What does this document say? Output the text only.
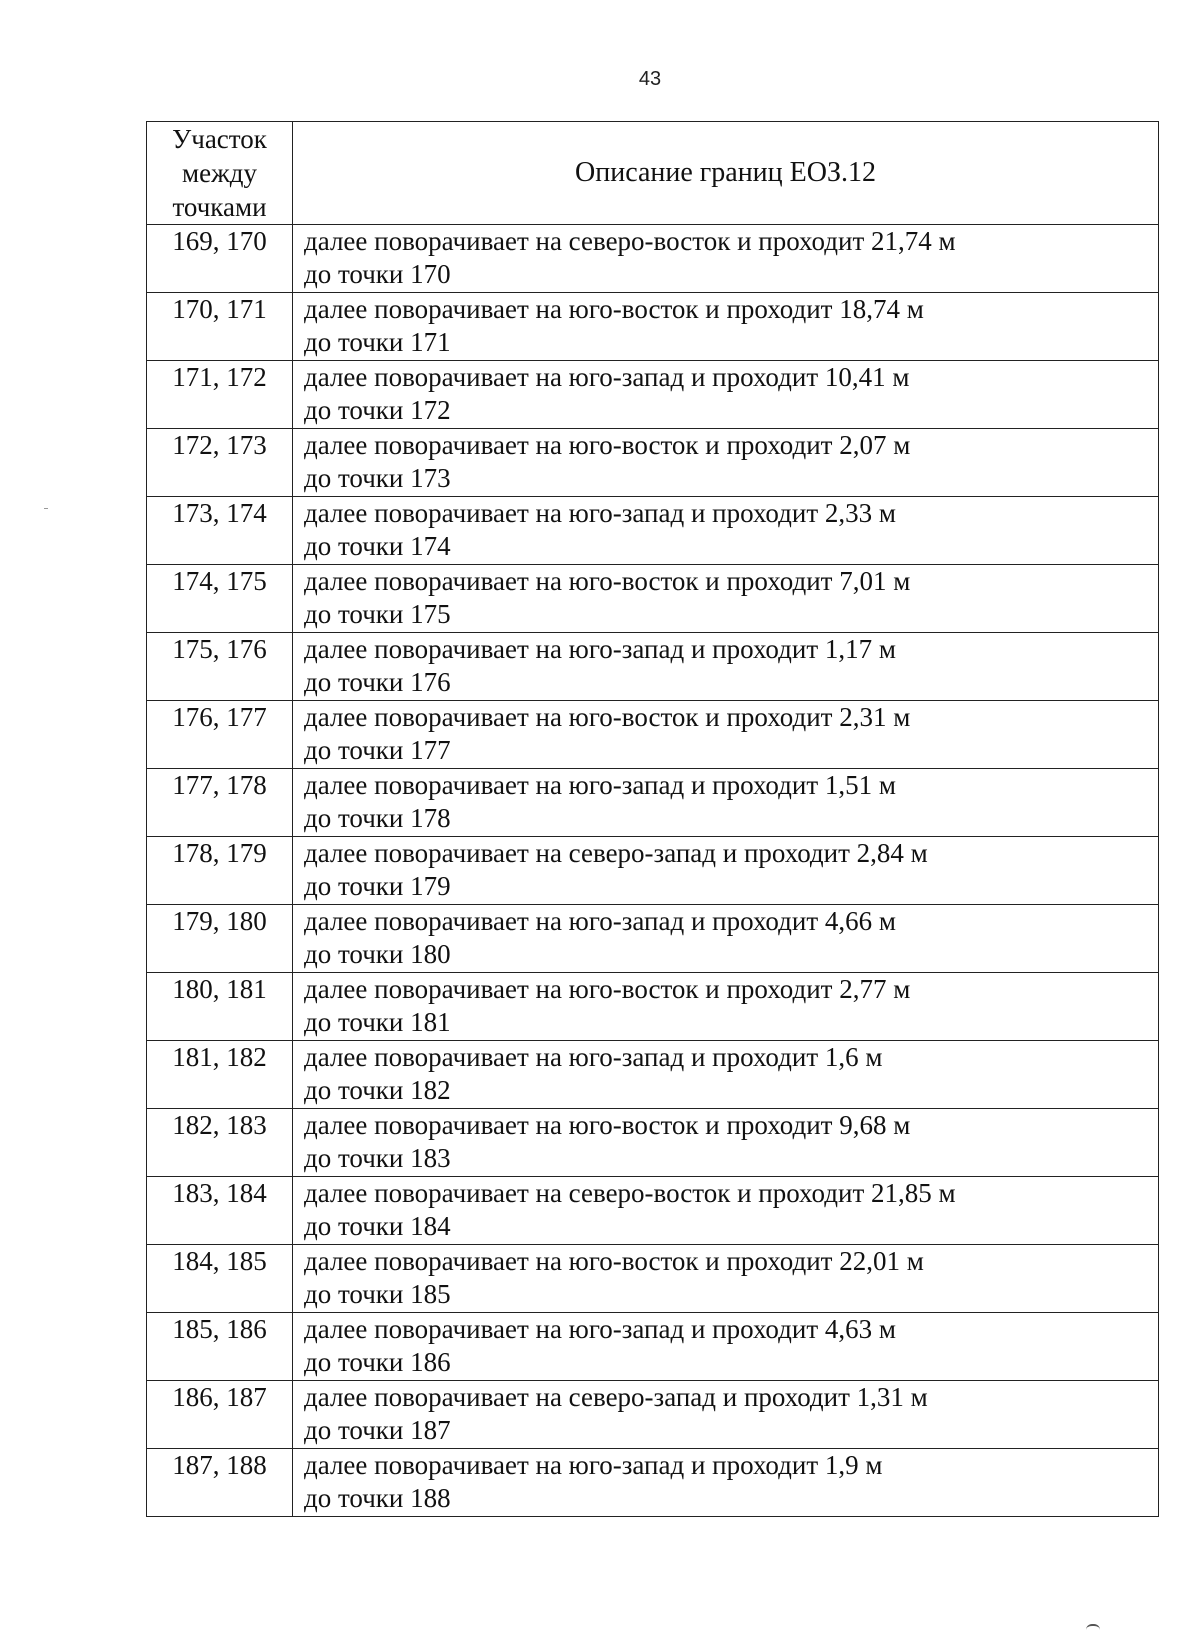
43
Участок
между
точками	Описание границ ЕОЗ.12
169, 170	далее поворачивает на северо-восток и проходит 21,74 м
до точки 170

170, 171	далее поворачивает на юго-восток и проходит 18,74 м
до точки 171

171, 172	далее поворачивает на юго-запад и проходит 10,41 м
до точки 172

172, 173	далее поворачивает на юго-восток и проходит 2,07 м
до точки 173

173, 174	далее поворачивает на юго-запад и проходит 2,33 м
до точки 174

174, 175	далее поворачивает на юго-восток и проходит 7,01 м
до точки 175

175, 176	далее поворачивает на юго-запад и проходит 1,17 м
до точки 176

176, 177	далее поворачивает на юго-восток и проходит 2,31 м
до точки 177

177, 178	далее поворачивает на юго-запад и проходит 1,51 м
до точки 178

178, 179	далее поворачивает на северо-запад и проходит 2,84 м
до точки 179

179, 180	далее поворачивает на юго-запад и проходит 4,66 м
до точки 180

180, 181	далее поворачивает на юго-восток и проходит 2,77 м
до точки 181

181, 182	далее поворачивает на юго-запад и проходит 1,6 м
до точки 182

182, 183	далее поворачивает на юго-восток и проходит 9,68 м
до точки 183

183, 184	далее поворачивает на северо-восток и проходит 21,85 м
до точки 184

184, 185	далее поворачивает на юго-восток и проходит 22,01 м
до точки 185

185, 186	далее поворачивает на юго-запад и проходит 4,63 м
до точки 186

186, 187	далее поворачивает на северо-запад и проходит 1,31 м
до точки 187

187, 188	далее поворачивает на юго-запад и проходит 1,9 м
до точки 188
